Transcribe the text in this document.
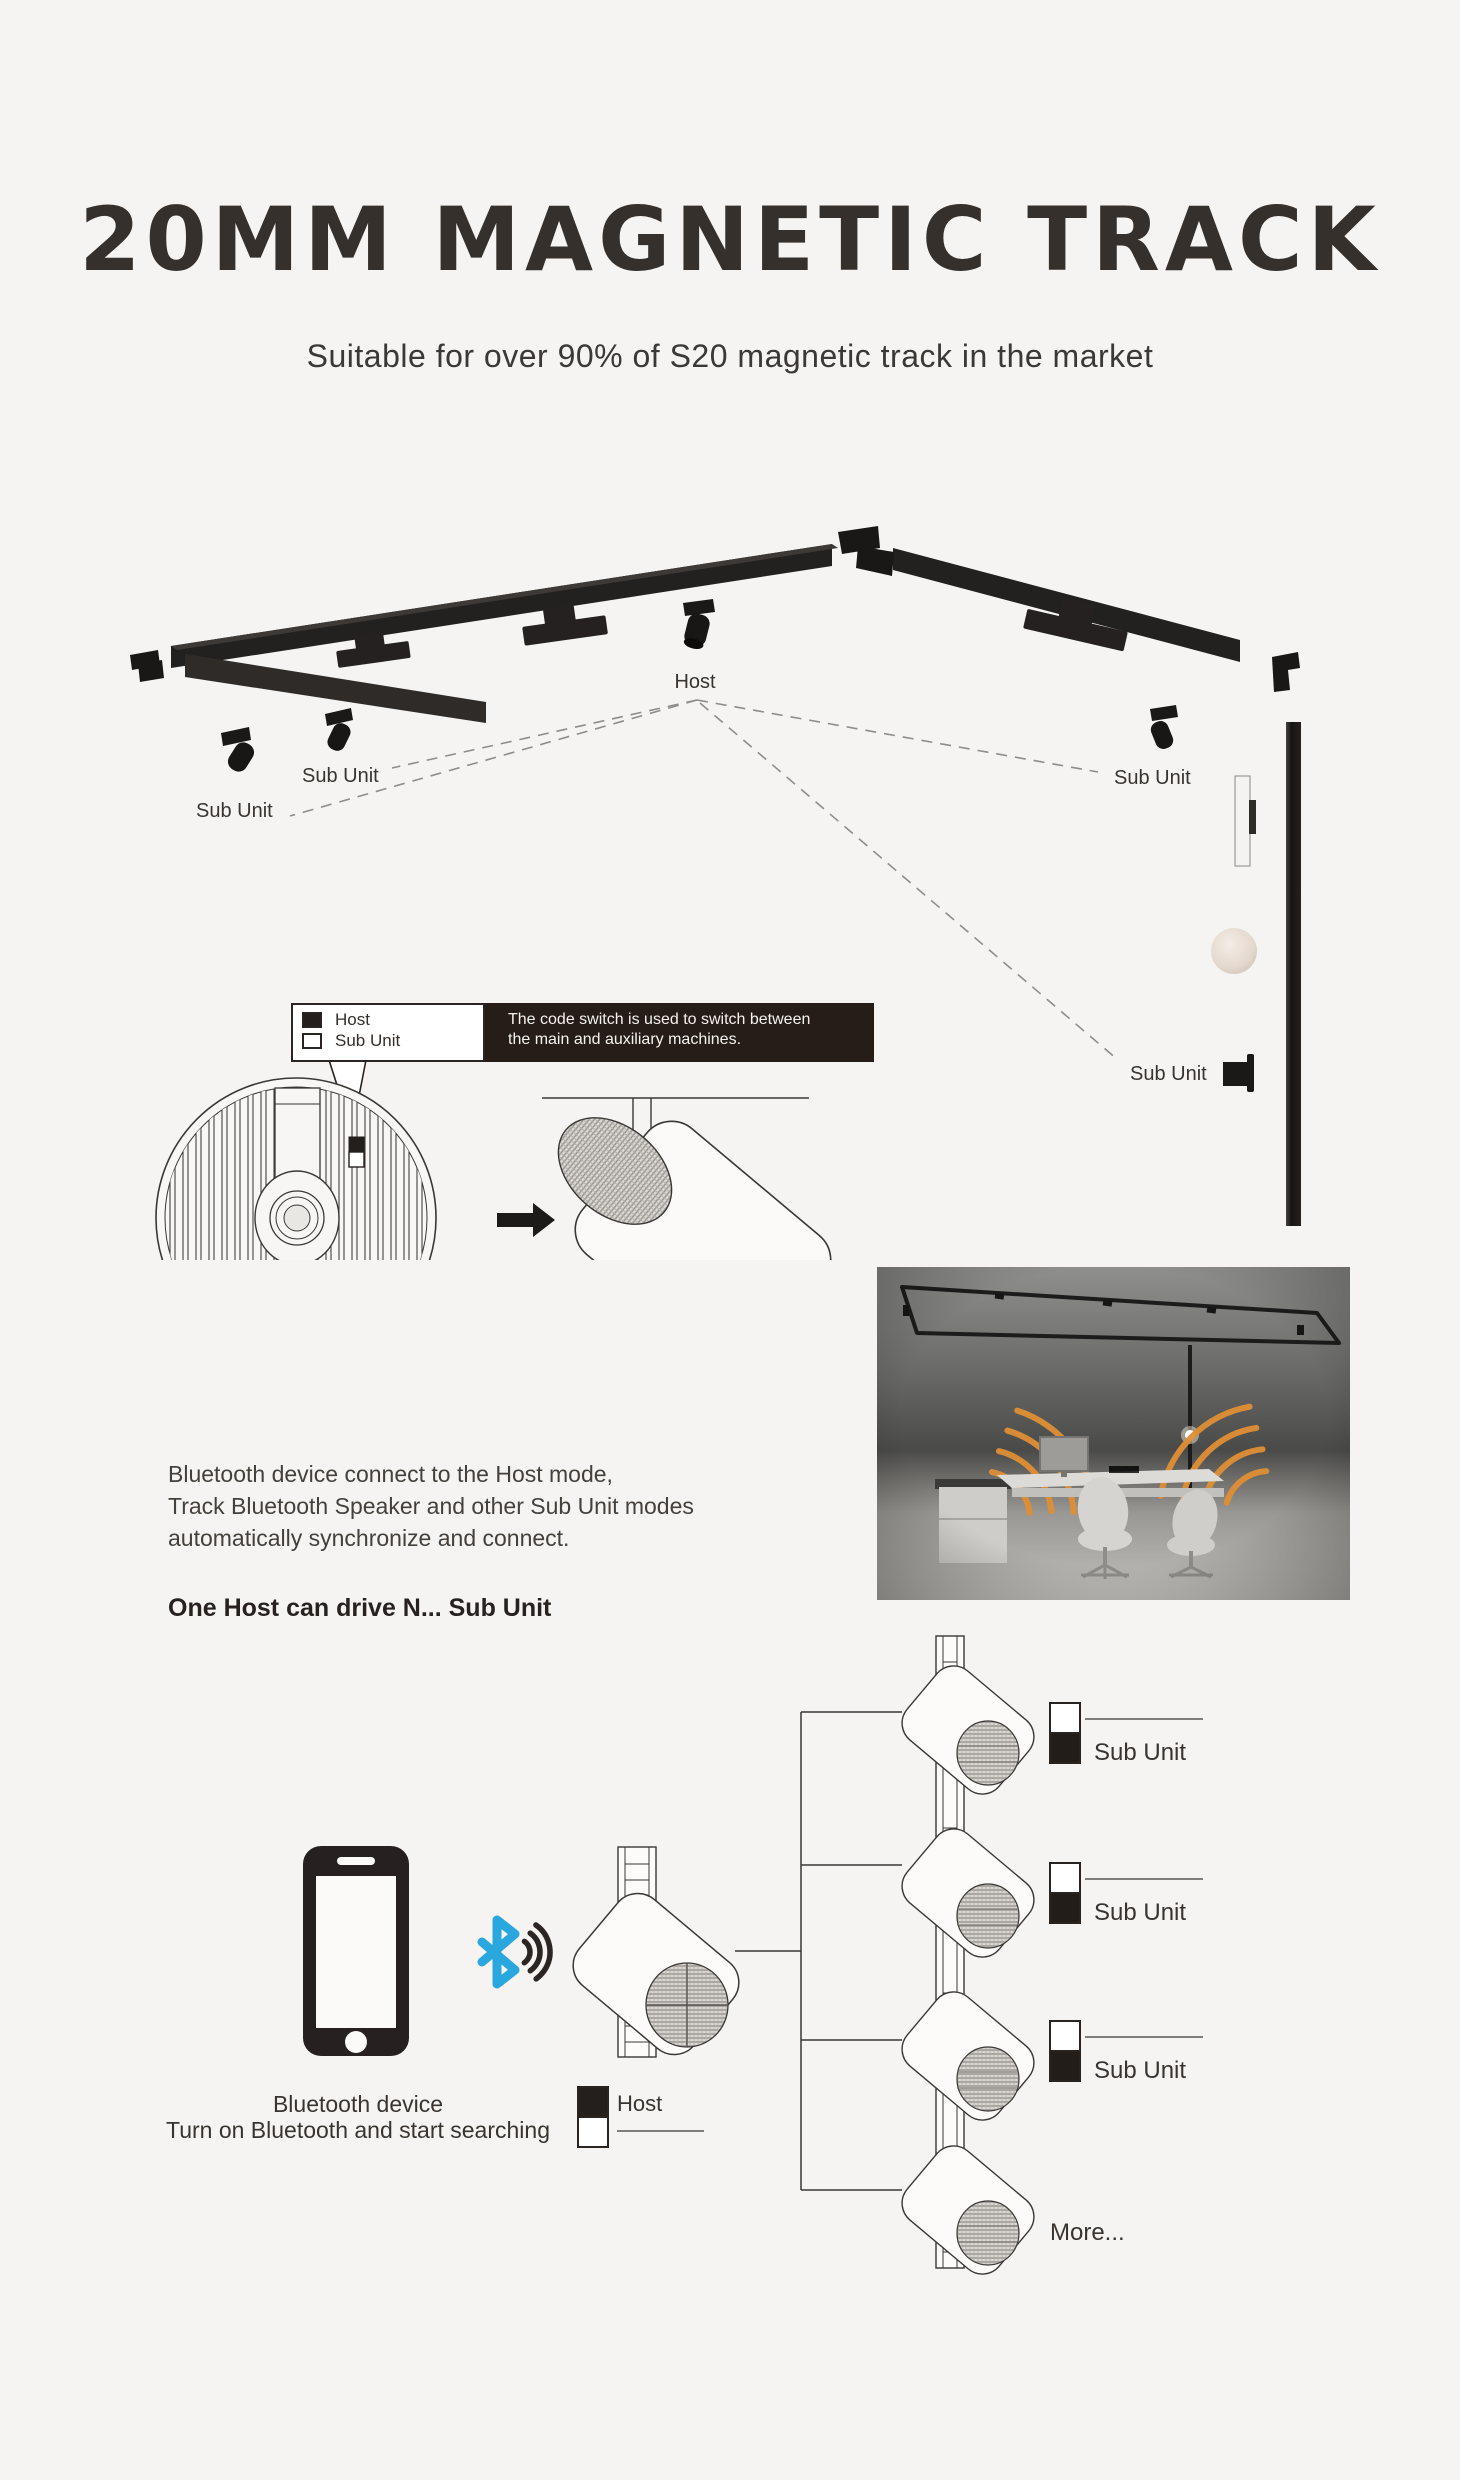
20MM MAGNETIC TRACK
Suitable for over 90% of S20 magnetic track in the market
Host
Sub Unit
Sub Unit
Sub Unit
Sub Unit
Host
Sub Unit
The code switch is used to switch between
the main and auxiliary machines.
Bluetooth device connect to the Host mode,
Track Bluetooth Speaker and other Sub Unit modes
automatically synchronize and connect.
One Host can drive N... Sub Unit
Sub Unit
Sub Unit
Sub Unit
More...
Host
Bluetooth device
Turn on Bluetooth and start searching
